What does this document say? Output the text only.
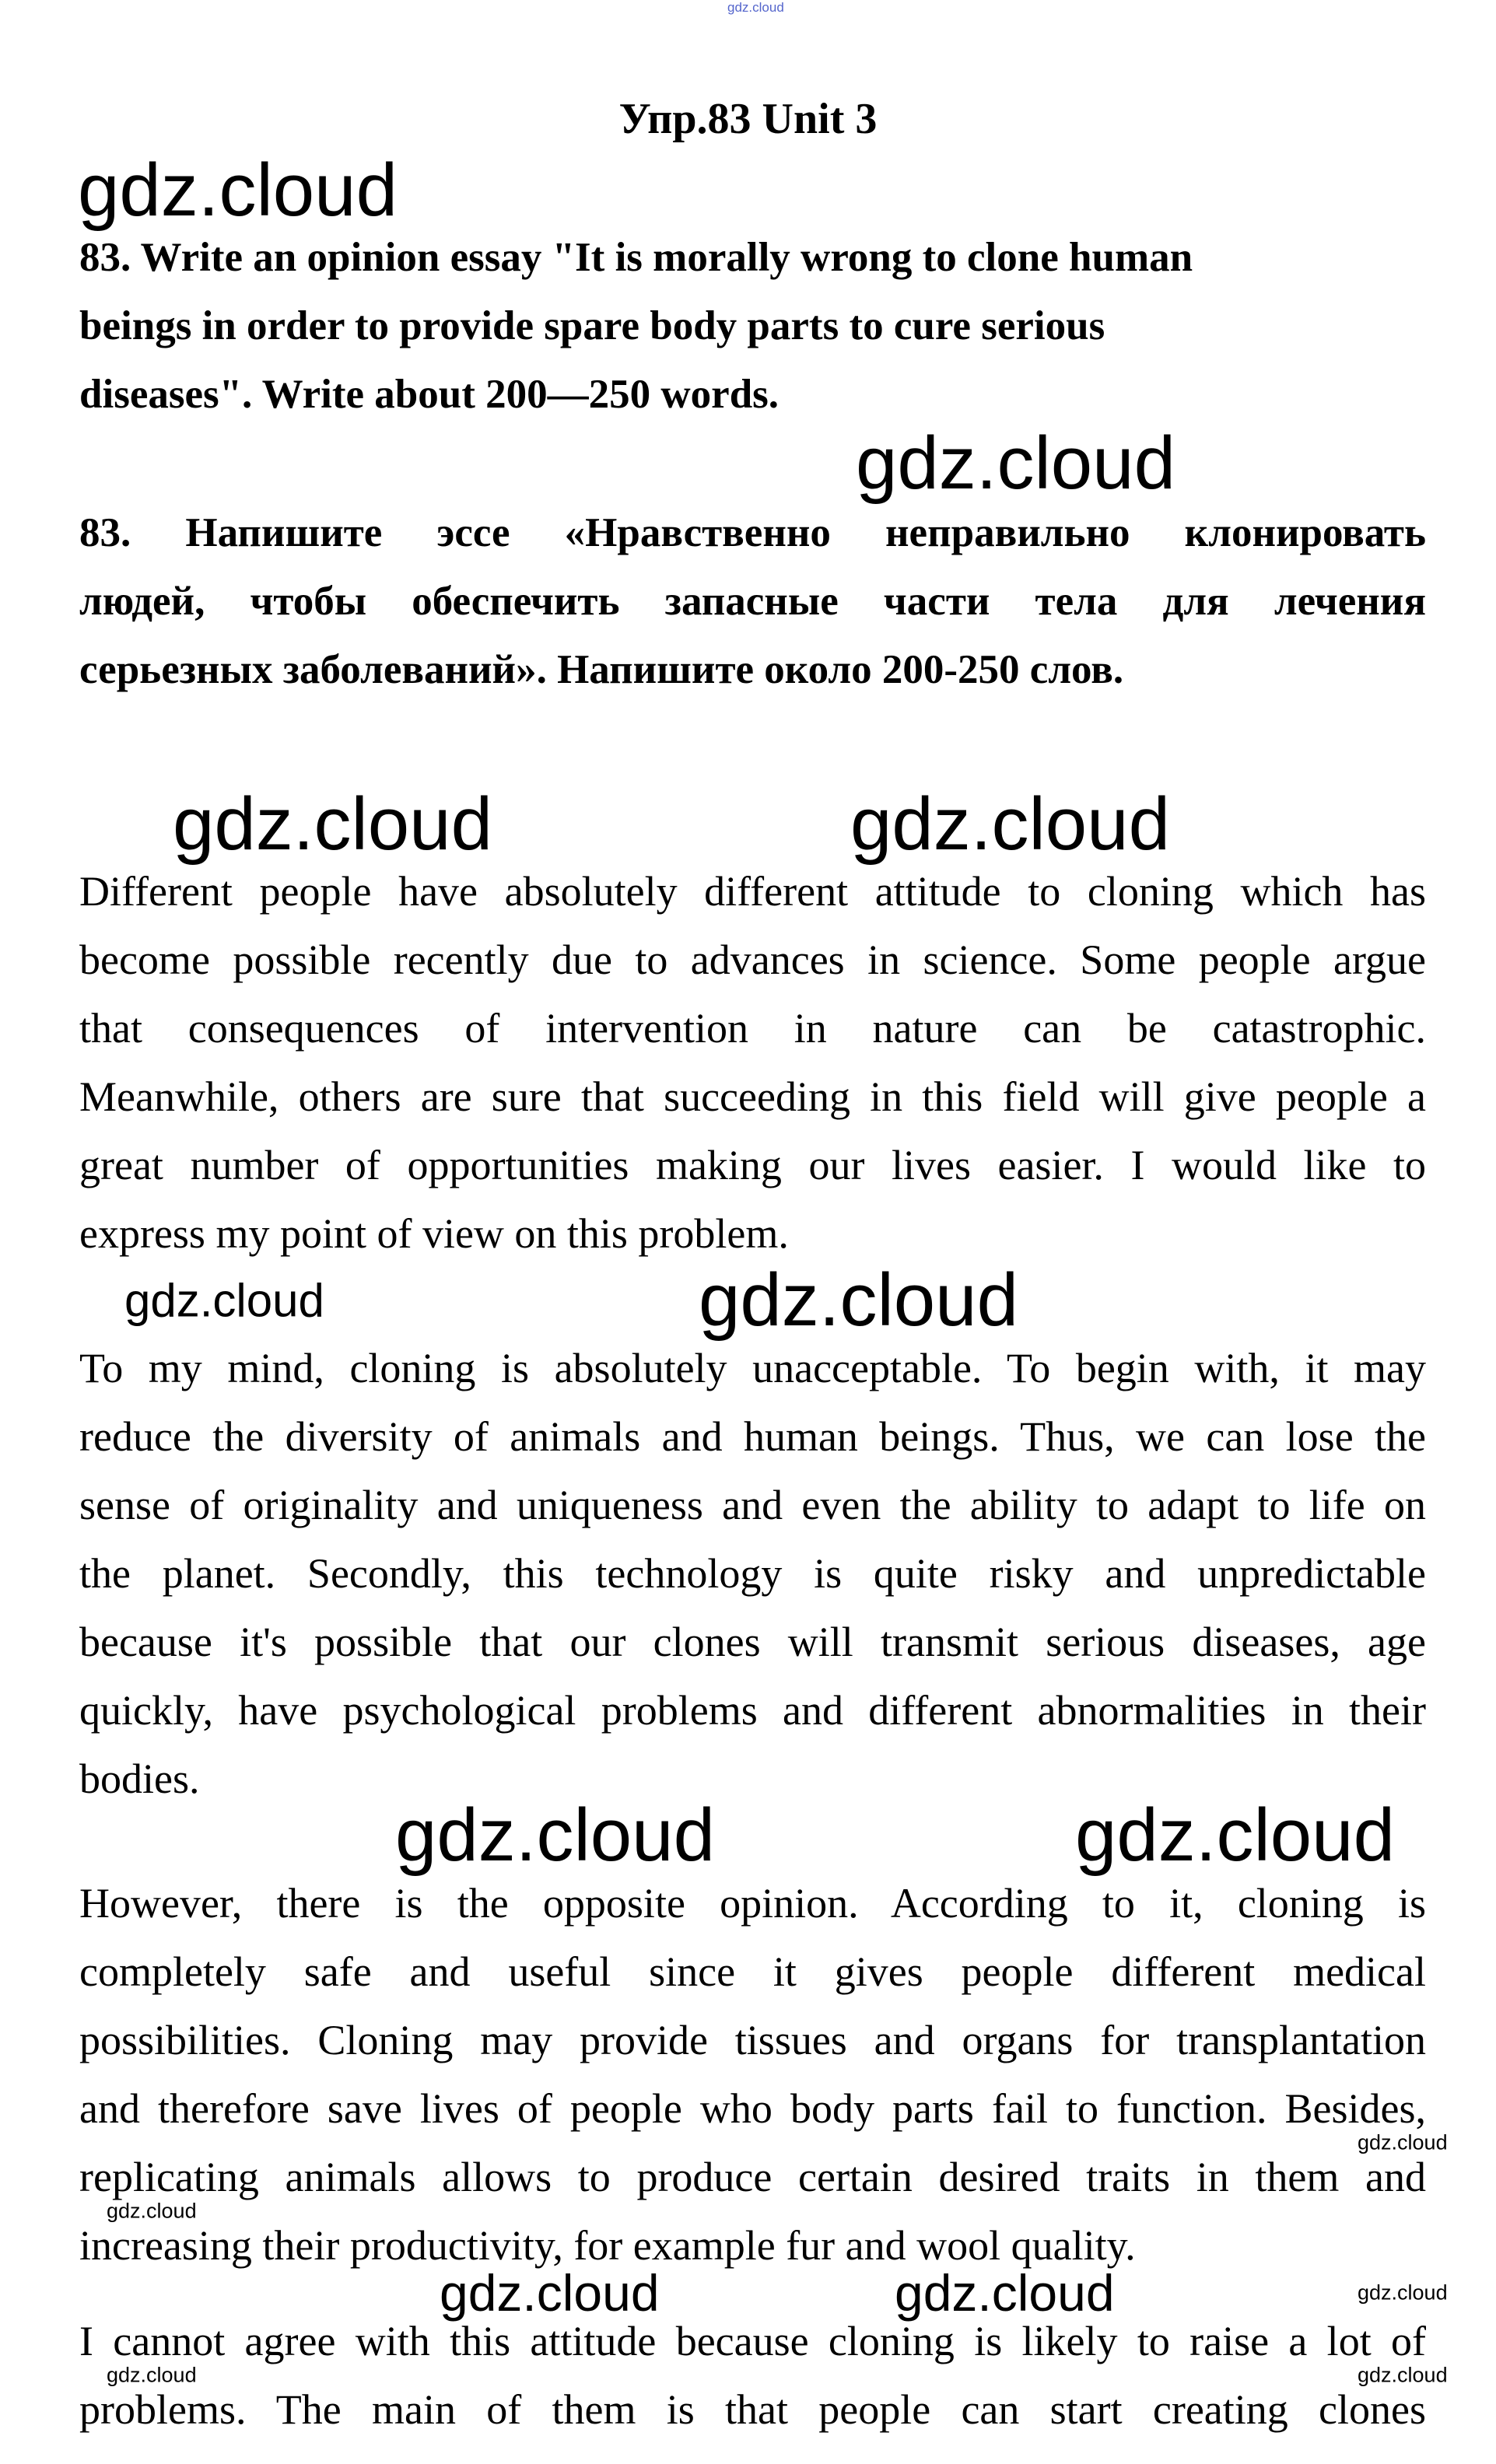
gdz.cloud
Упр.83 Unit 3
83. Write an opinion essay "It is morally wrong to clone human
beings in order to provide spare body parts to cure serious
diseases". Write about 200—250 words.
83. Напишите эссе «Нравственно неправильно клонировать
людей, чтобы обеспечить запасные части тела для лечения
серьезных заболеваний». Напишите около 200-250 слов.
Different people have absolutely different attitude to cloning which has
become possible recently due to advances in science. Some people argue
that consequences of intervention in nature can be catastrophic.
Meanwhile, others are sure that succeeding in this field will give people a
great number of opportunities making our lives easier. I would like to
express my point of view on this problem.
To my mind, cloning is absolutely unacceptable. To begin with, it may
reduce the diversity of animals and human beings. Thus, we can lose the
sense of originality and uniqueness and even the ability to adapt to life on
the planet. Secondly, this technology is quite risky and unpredictable
because it's possible that our clones will transmit serious diseases, age
quickly, have psychological problems and different abnormalities in their
bodies.
However, there is the opposite opinion. According to it, cloning is
completely safe and useful since it gives people different medical
possibilities. Cloning may provide tissues and organs for transplantation
and therefore save lives of people who body parts fail to function. Besides,
replicating animals allows to produce certain desired traits in them and
increasing their productivity, for example fur and wool quality.
I cannot agree with this attitude because cloning is likely to raise a lot of
problems. The main of them is that people can start creating clones
gdz.cloud
gdz.cloud
gdz.cloud	gdz.cloud
gdz.cloud	gdz.cloud
gdz.cloud	gdz.cloud
gdz.cloud
gdz.cloud
gdz.cloud	gdz.cloud	gdz.cloud
gdz.cloud	gdz.cloud
